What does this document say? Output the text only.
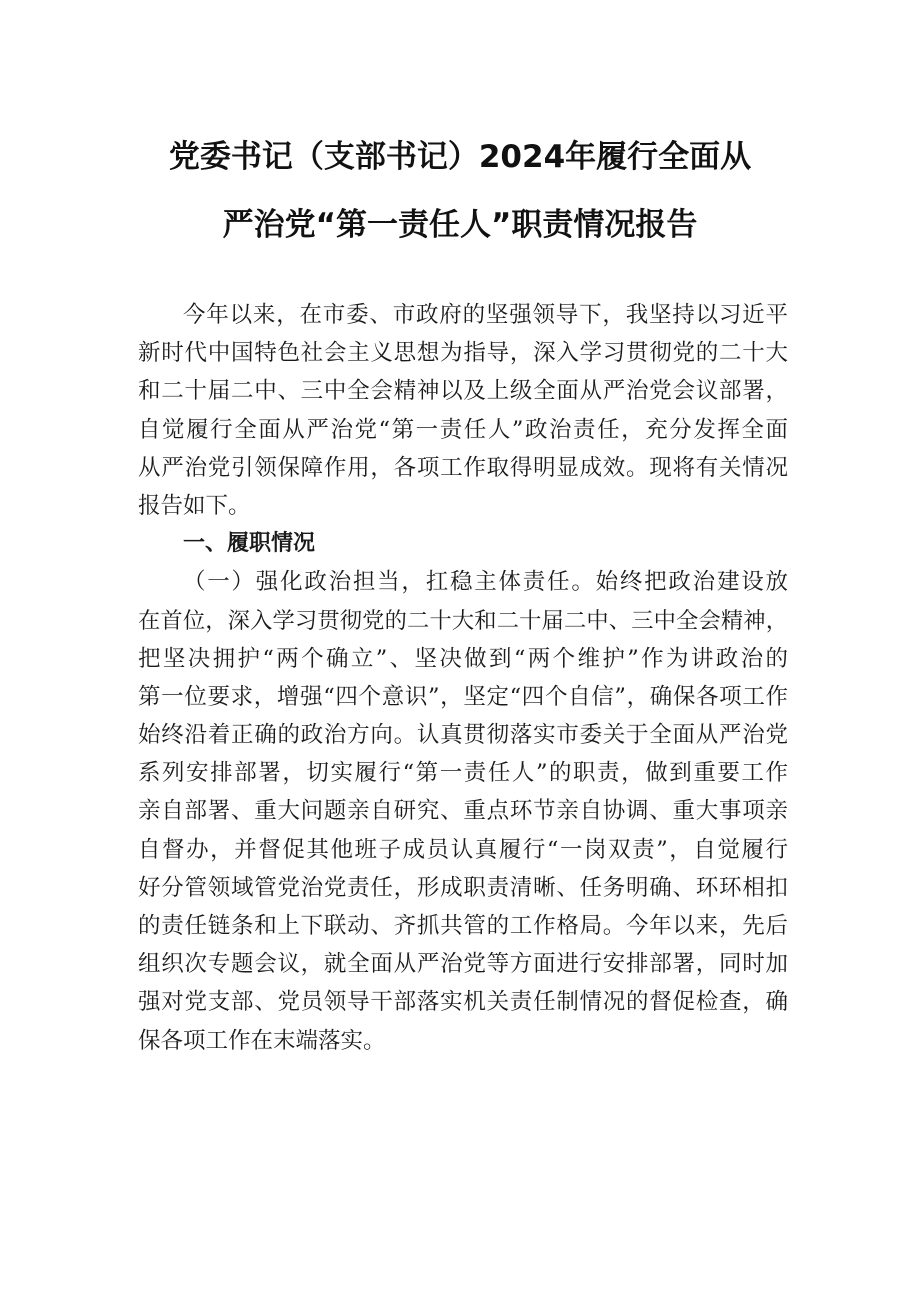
党委书记（支部书记）2024年履行全面从
严治党“第一责任人”职责情况报告
今年以来，在市委、市政府的坚强领导下，我坚持以习近平
新时代中国特色社会主义思想为指导，深入学习贯彻党的二十大
和二十届二中、三中全会精神以及上级全面从严治党会议部署，
自觉履行全面从严治党“第一责任人”政治责任，充分发挥全面
从严治党引领保障作用，各项工作取得明显成效。现将有关情况
报告如下。
一、履职情况
（一）强化政治担当，扛稳主体责任。始终把政治建设放
在首位，深入学习贯彻党的二十大和二十届二中、三中全会精神，
把坚决拥护“两个确立”、坚决做到“两个维护”作为讲政治的
第一位要求，增强“四个意识”，坚定“四个自信”，确保各项工作
始终沿着正确的政治方向。认真贯彻落实市委关于全面从严治党
系列安排部署，切实履行“第一责任人”的职责，做到重要工作
亲自部署、重大问题亲自研究、重点环节亲自协调、重大事项亲
自督办，并督促其他班子成员认真履行“一岗双责”，自觉履行
好分管领域管党治党责任，形成职责清晰、任务明确、环环相扣
的责任链条和上下联动、齐抓共管的工作格局。今年以来，先后
组织次专题会议，就全面从严治党等方面进行安排部署，同时加
强对党支部、党员领导干部落实机关责任制情况的督促检查，确
保各项工作在末端落实。
